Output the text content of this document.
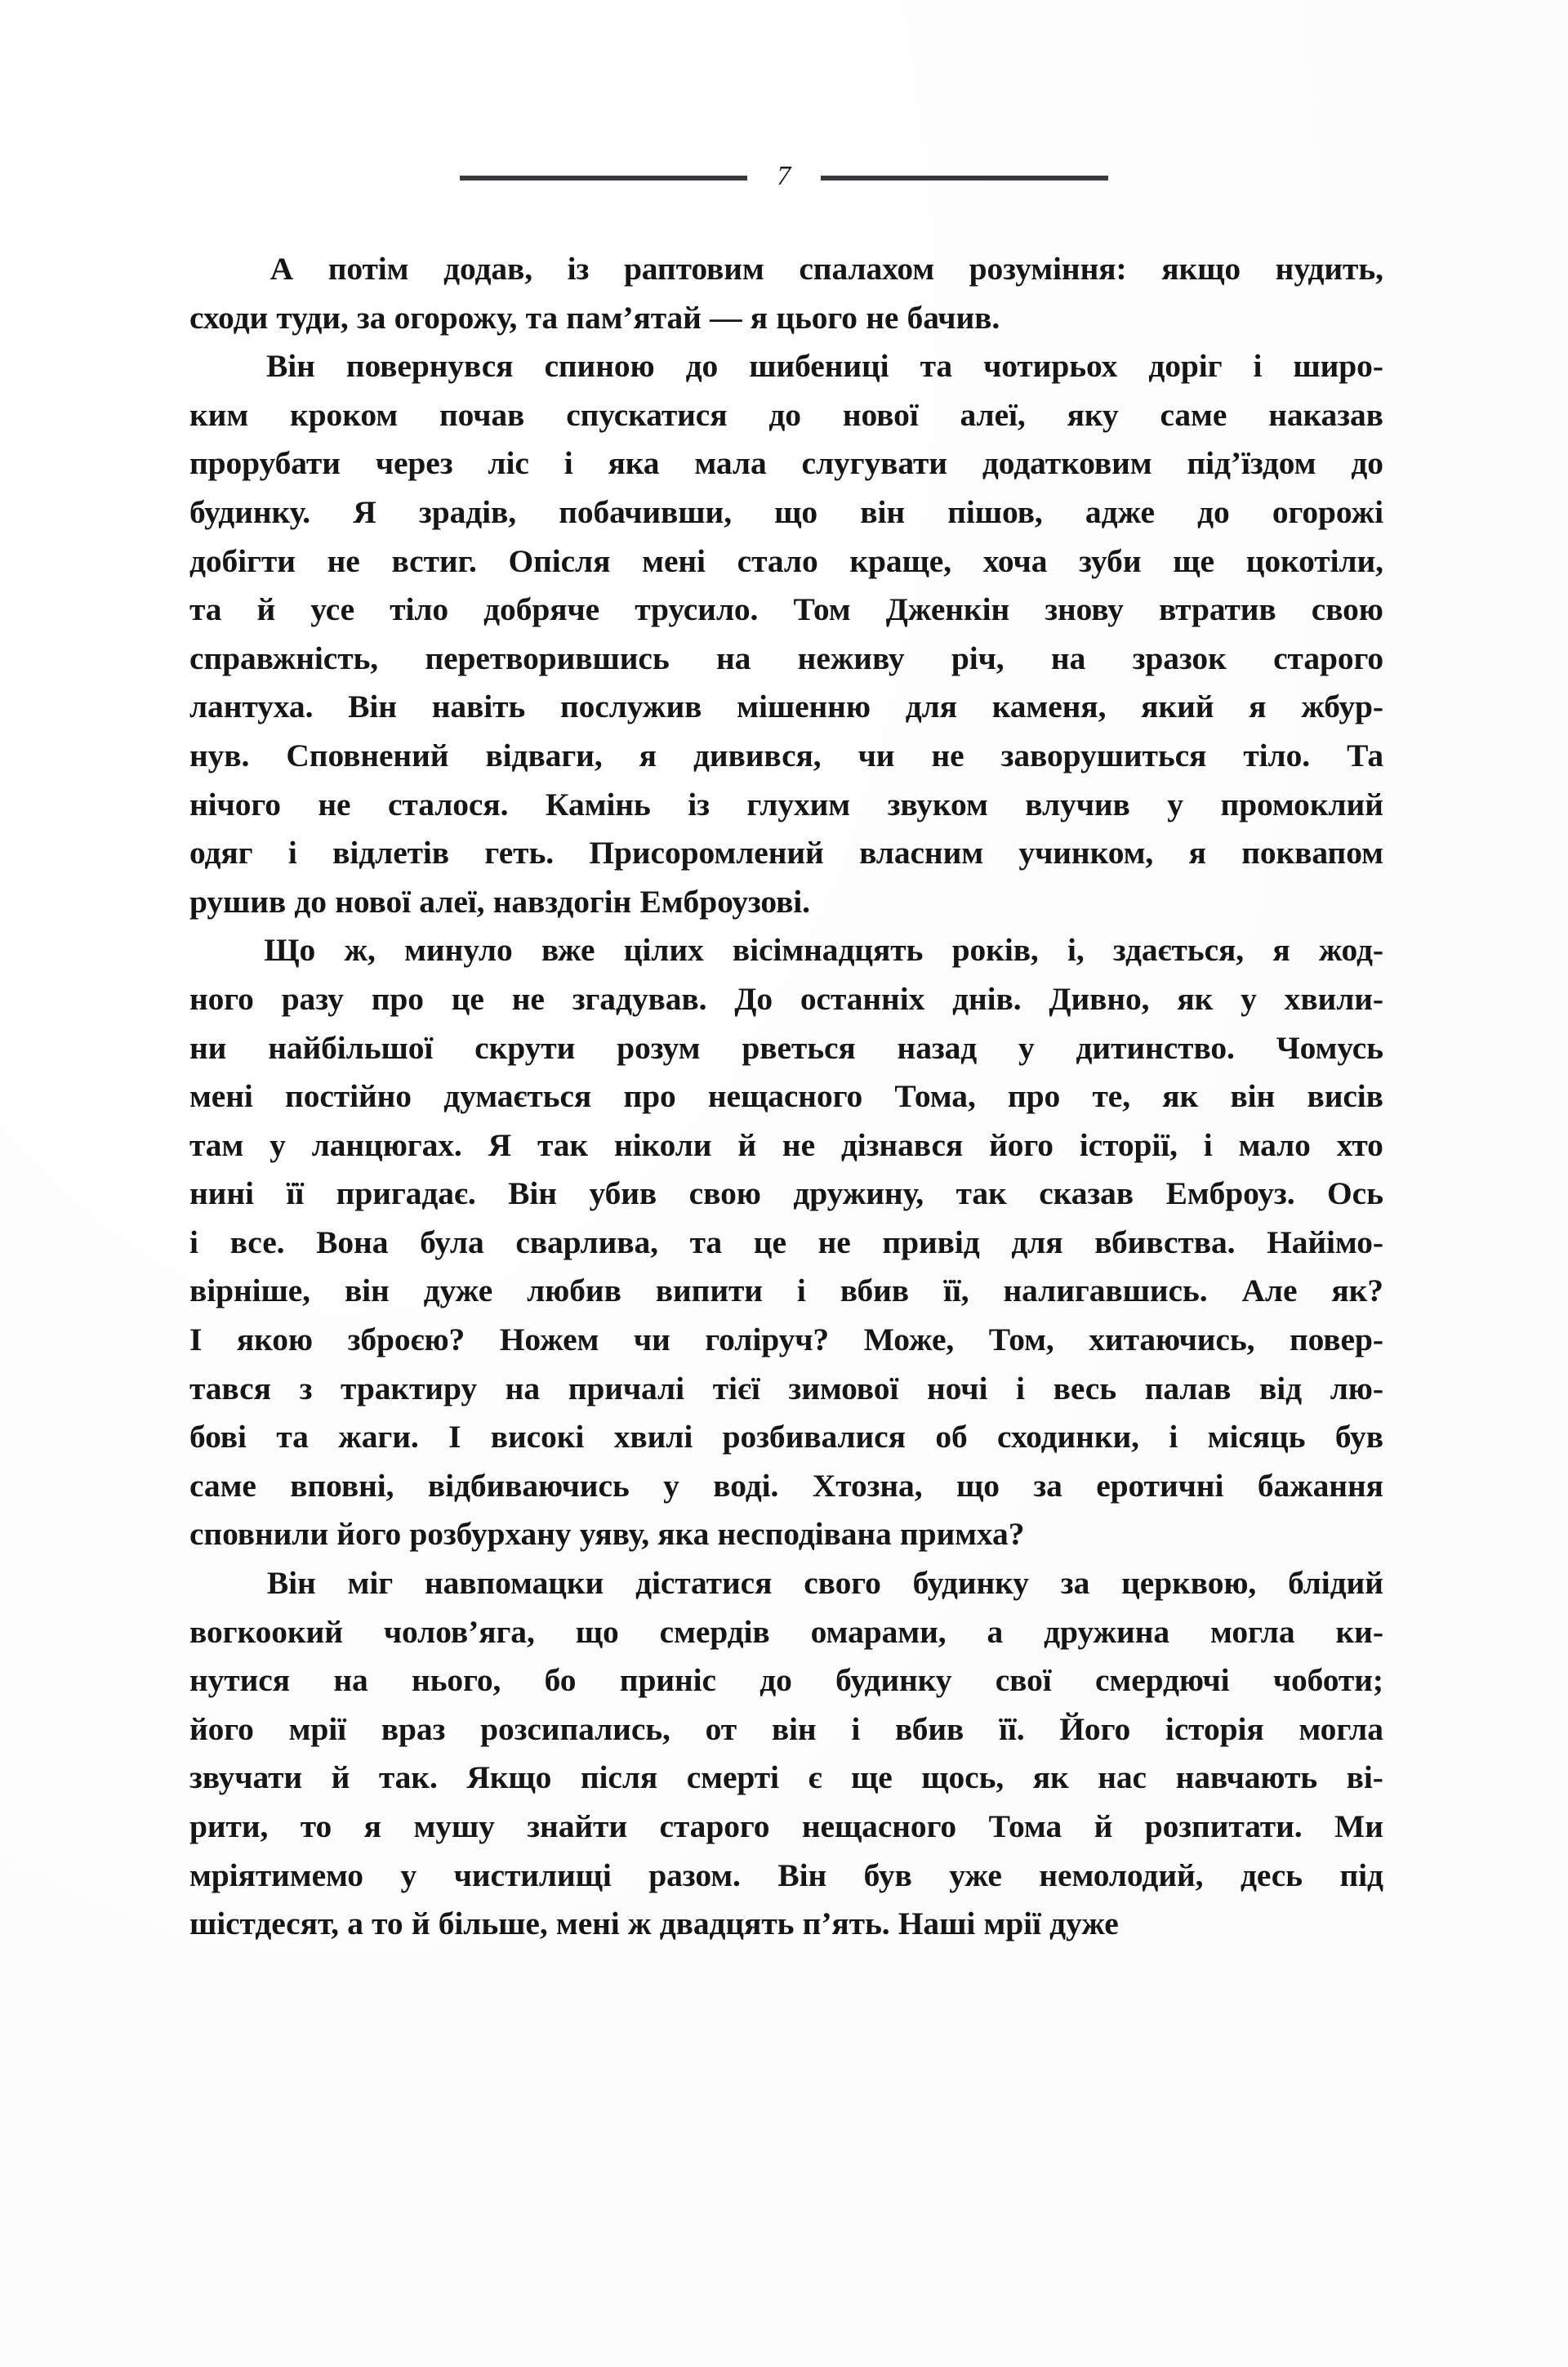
7

А потім додав, із раптовим спалахом розуміння: якщо нудить,
сходи туди, за огорожу, та пам’ятай — я цього не бачив.

Він повернувся спиною до шибениці та чотирьох доріг і широ-
ким кроком почав спускатися до нової алеї, яку саме наказав
прорубати через ліс і яка мала слугувати додатковим під’їздом до
будинку. Я зрадів, побачивши, що він пішов, адже до огорожі
добігти не встиг. Опісля мені стало краще, хоча зуби ще цокотіли,
та й усе тіло добряче трусило. Том Дженкін знову втратив свою
справжність, перетворившись на неживу річ, на зразок старого
лантуха. Він навіть послужив мішенню для каменя, який я жбур-
нув. Сповнений відваги, я дивився, чи не заворушиться тіло. Та
нічого не сталося. Камінь із глухим звуком влучив у промоклий
одяг і відлетів геть. Присоромлений власним учинком, я поквапом
рушив до нової алеї, навздогін Емброузові.

Що ж, минуло вже цілих вісімнадцять років, і, здається, я жод-
ного разу про це не згадував. До останніх днів. Дивно, як у хвили-
ни найбільшої скрути розум рветься назад у дитинство. Чомусь
мені постійно думається про нещасного Тома, про те, як він висів
там у ланцюгах. Я так ніколи й не дізнався його історії, і мало хто
нині її пригадає. Він убив свою дружину, так сказав Емброуз. Ось
і все. Вона була сварлива, та це не привід для вбивства. Найімо-
вірніше, він дуже любив випити і вбив її, налигавшись. Але як?
І якою зброєю? Ножем чи голіруч? Може, Том, хитаючись, повер-
тався з трактиру на причалі тієї зимової ночі і весь палав від лю-
бові та жаги. І високі хвилі розбивалися об сходинки, і місяць був
саме вповні, відбиваючись у воді. Хтозна, що за еротичні бажання
сповнили його розбурхану уяву, яка несподівана примха?

Він міг навпомацки дістатися свого будинку за церквою, блідий
вогкоокий чолов’яга, що смердів омарами, а дружина могла ки-
нутися на нього, бо приніс до будинку свої смердючі чоботи;
його мрії враз розсипались, от він і вбив її. Його історія могла
звучати й так. Якщо після смерті є ще щось, як нас навчають ві-
рити, то я мушу знайти старого нещасного Тома й розпитати. Ми
мріятимемо у чистилищі разом. Він був уже немолодий, десь під
шістдесят, а то й більше, мені ж двадцять п’ять. Наші мрії дуже
